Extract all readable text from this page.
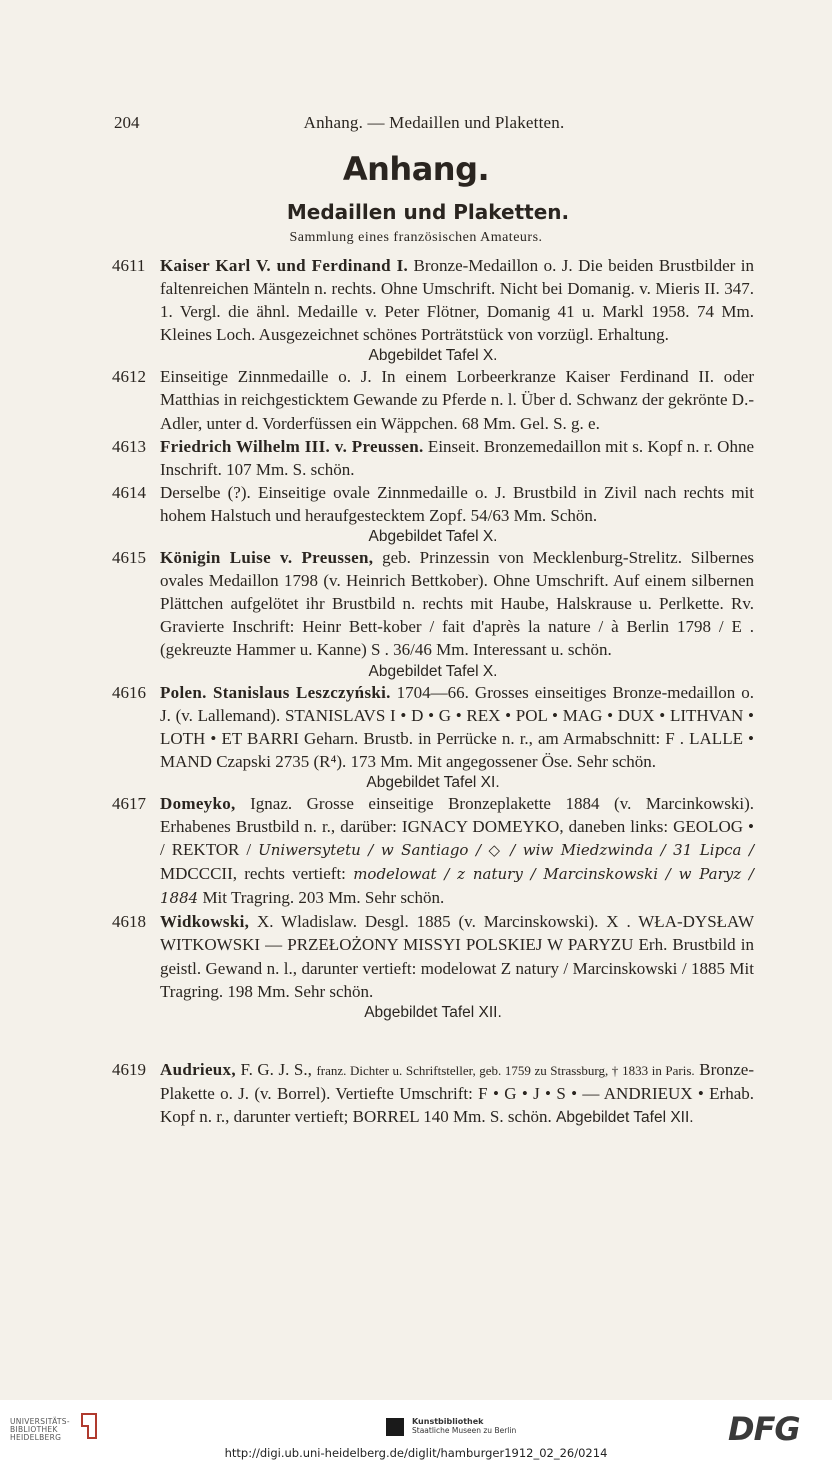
204	Anhang. — Medaillen und Plaketten.
Anhang.
Medaillen und Plaketten.
Sammlung eines französischen Amateurs.

4611 Kaiser Karl V. und Ferdinand I. Bronze-Medaillon o. J. Die beiden Brustbilder in faltenreichen Mänteln n. rechts. Ohne Umschrift. Nicht bei Domanig. v. Mieris II. 347. 1. Vergl. die ähnl. Medaille v. Peter Flötner, Domanig 41 u. Markl 1958. 74 Mm. Kleines Loch. Ausgezeichnet schönes Porträtstück von vorzügl. Erhaltung.
Abgebildet Tafel X.

4612 Einseitige Zinnmedaille o. J. In einem Lorbeerkranze Kaiser Ferdinand II. oder Matthias in reichgesticktem Gewande zu Pferde n. l. Über d. Schwanz der gekrönte D.-Adler, unter d. Vorderfüssen ein Wäppchen. 68 Mm. Gel. S. g. e.

4613 Friedrich Wilhelm III. v. Preussen. Einseit. Bronzemedaillon mit s. Kopf n. r. Ohne Inschrift. 107 Mm. S. schön.

4614 Derselbe (?). Einseitige ovale Zinnmedaille o. J. Brustbild in Zivil nach rechts mit hohem Halstuch und heraufgestecktem Zopf. 54/63 Mm. Schön.
Abgebildet Tafel X.

4615 Königin Luise v. Preussen, geb. Prinzessin von Mecklenburg-Strelitz. Silbernes ovales Medaillon 1798 (v. Heinrich Bettkober). Ohne Umschrift. Auf einem silbernen Plättchen aufgelötet ihr Brustbild n. rechts mit Haube, Halskrause u. Perlkette. Rv. Gravierte Inschrift: Heinr Bett-kober / fait d'après la nature / à Berlin 1798 / E . (gekreuzte Hammer u. Kanne) S . 36/46 Mm. Interessant u. schön.
Abgebildet Tafel X.

4616 Polen. Stanislaus Leszczyński. 1704—66. Grosses einseitiges Bronze-medaillon o. J. (v. Lallemand). STANISLAVS I • D • G • REX • POL • MAG • DUX • LITHVAN • LOTH • ET BARRI Geharn. Brustb. in Perrücke n. r., am Armabschnitt: F . LALLE • MAND Czapski 2735 (R⁴). 173 Mm. Mit angegossener Öse. Sehr schön.
Abgebildet Tafel XI.

4617 Domeyko, Ignaz. Grosse einseitige Bronzeplakette 1884 (v. Marcinkowski). Erhabenes Brustbild n. r., darüber: IGNACY DOMEYKO, daneben links: GEOLOG • / REKTOR / Uniwersytetu / w Santiago / ◇ / wiw Miedzwinda / 31 Lipca / MDCCCII, rechts vertieft: modelowat / z natury / Marcinskowski / w Paryz / 1884 Mit Tragring. 203 Mm. Sehr schön.

4618 Widkowski, X. Wladislaw. Desgl. 1885 (v. Marcinskowski). X . WŁA-DYSŁAW WITKOWSKI — PRZEŁOŻONY MISSYI POLSKIEJ W PARYZU Erh. Brustbild in geistl. Gewand n. l., darunter vertieft: modelowat Z natury / Marcinskowski / 1885 Mit Tragring. 198 Mm. Sehr schön.
Abgebildet Tafel XII.

4619 Audrieux, F. G. J. S., franz. Dichter u. Schriftsteller, geb. 1759 zu Strassburg, † 1833 in Paris. Bronze-Plakette o. J. (v. Borrel). Vertiefte Umschrift: F • G • J • S • — ANDRIEUX • Erhab. Kopf n. r., darunter vertieft; BORREL 140 Mm. S. schön. Abgebildet Tafel XII.

UNIVERSITÄTS-
BIBLIOTHEK
HEIDELBERG
Kunstbibliothek
Staatliche Museen zu Berlin	DFG
http://digi.ub.uni-heidelberg.de/diglit/hamburger1912_02_26/0214
